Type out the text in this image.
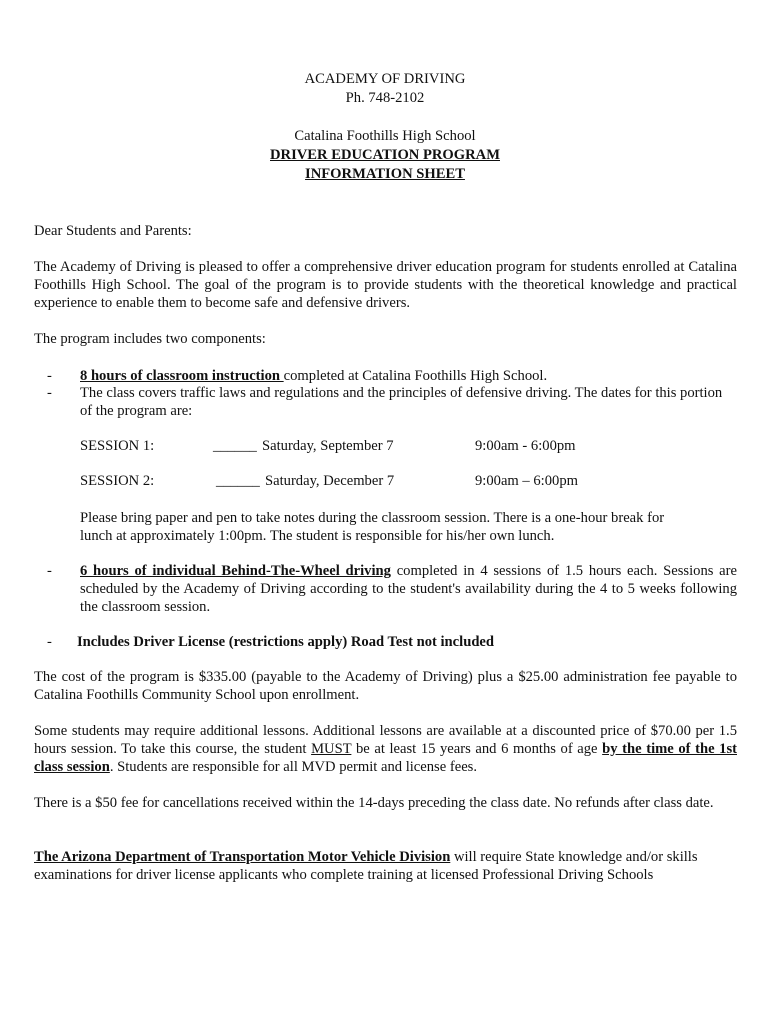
ACADEMY OF DRIVING
Ph. 748-2102
Catalina Foothills High School
DRIVER EDUCATION PROGRAM
INFORMATION SHEET
Dear Students and Parents:
The Academy of Driving is pleased to offer a comprehensive driver education program for students enrolled at Catalina Foothills High School. The goal of the program is to provide students with the theoretical knowledge and practical experience to enable them to become safe and defensive drivers.
The program includes two components:
- 8 hours of classroom instruction completed at Catalina Foothills High School.
- The class covers traffic laws and regulations and the principles of defensive driving. The dates for this portion of the program are:
SESSION 1:	______ Saturday, September 7	9:00am - 6:00pm
SESSION 2:	______ Saturday, December 7	9:00am – 6:00pm
Please bring paper and pen to take notes during the classroom session. There is a one-hour break for lunch at approximately 1:00pm. The student is responsible for his/her own lunch.
- 6 hours of individual Behind-The-Wheel driving completed in 4 sessions of 1.5 hours each. Sessions are scheduled by the Academy of Driving according to the student's availability during the 4 to 5 weeks following the classroom session.
- Includes Driver License (restrictions apply) Road Test not included
The cost of the program is $335.00 (payable to the Academy of Driving) plus a $25.00 administration fee payable to Catalina Foothills Community School upon enrollment.
Some students may require additional lessons. Additional lessons are available at a discounted price of $70.00 per 1.5 hours session. To take this course, the student MUST be at least 15 years and 6 months of age by the time of the 1st class session. Students are responsible for all MVD permit and license fees.
There is a $50 fee for cancellations received within the 14-days preceding the class date. No refunds after class date.
The Arizona Department of Transportation Motor Vehicle Division will require State knowledge and/or skills examinations for driver license applicants who complete training at licensed Professional Driving Schools
